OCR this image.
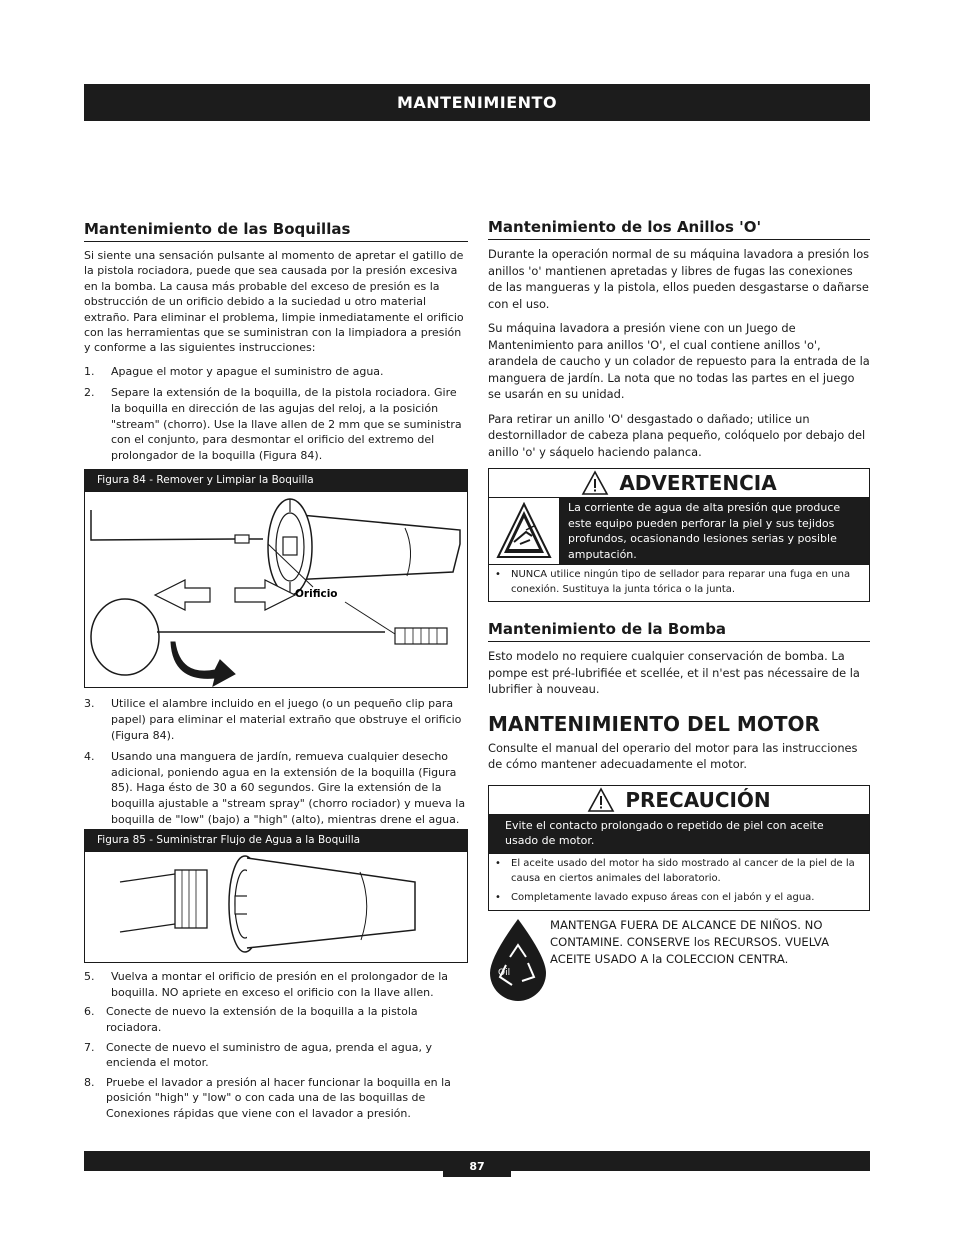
MANTENIMIENTO
Mantenimiento de las Boquillas

Si siente una sensación pulsante al momento de apretar el gatillo de la pistola rociadora, puede que sea causada por la presión excesiva en la bomba. La causa más probable del exceso de presión es la obstrucción de un orificio debido a la suciedad u otro material extraño. Para eliminar el problema, limpie inmediatamente el orificio con las herramientas que se suministran con la limpiadora a presión y conforme a las siguientes instrucciones:

1.	Apague el motor y apague el suministro de agua.
2.	Separe la extensión de la boquilla, de la pistola rociadora. Gire la boquilla en dirección de las agujas del reloj, a la posición "stream" (chorro). Use la llave allen de 2 mm que se suministra con el conjunto, para desmontar el orificio del extremo del prolongador de la boquilla (Figura 84).
Figura 84 - Remover y Limpiar la Boquilla
Orificio
3.	Utilice el alambre incluido en el juego (o un pequeño clip para papel) para eliminar el material extraño que obstruye el orificio (Figura 84).
4.	Usando una manguera de jardín, remueva cualquier desecho adicional, poniendo agua en la extensión de la boquilla (Figura 85). Haga ésto de 30 a 60 segundos. Gire la extensión de la boquilla ajustable a "stream spray" (chorro rociador) y mueva la boquilla de "low" (bajo) a "high" (alto), mientras drene el agua.
Figura 85 - Suministrar Flujo de Agua a la Boquilla
5.	Vuelva a montar el orificio de presión en el prolongador de la boquilla. NO apriete en exceso el orificio con la llave allen.
6.	Conecte de nuevo la extensión de la boquilla a la pistola rociadora.
7.	Conecte de nuevo el suministro de agua, prenda el agua, y encienda el motor.
8.	Pruebe el lavador a presión al hacer funcionar la boquilla en la posición "high" y "low" o con cada una de las boquillas de Conexiones rápidas que viene con el lavador a presión.
Mantenimiento de los Anillos 'O'

Durante la operación normal de su máquina lavadora a presión los anillos 'o' mantienen apretadas y libres de fugas las conexiones de las mangueras y la pistola, ellos pueden desgastarse o dañarse con el uso.

Su máquina lavadora a presión viene con un Juego de Mantenimiento para anillos 'O', el cual contiene anillos 'o', arandela de caucho y un colador de repuesto para la entrada de la manguera de jardín. La nota que no todas las partes en el juego se usarán en su unidad.

Para retirar un anillo 'O' desgastado o dañado; utilice un destornillador de cabeza plana pequeño, colóquelo por debajo del anillo 'o' y sáquelo haciendo palanca.

ADVERTENCIA
La corriente de agua de alta presión que produce este equipo pueden perforar la piel y sus tejidos profundos, ocasionando lesiones serias y posible amputación.
•	NUNCA utilice ningún tipo de sellador para reparar una fuga en una conexión. Sustituya la junta tórica o la junta.
Mantenimiento de la Bomba

Esto modelo no requiere cualquier conservación de bomba. La pompe est pré-lubrifiée et scellée, et il n'est pas nécessaire de la lubrifier à nouveau.

MANTENIMIENTO DEL MOTOR

Consulte el manual del operario del motor para las instrucciones de cómo mantener adecuadamente el motor.

PRECAUCIÓN
Evite el contacto prolongado o repetido de piel con aceite usado de motor.
•	El aceite usado del motor ha sido mostrado al cancer de la piel de la causa en ciertos animales del laboratorio.
•	Completamente lavado expuso áreas con el jabón y el agua.
Oil

MANTENGA FUERA DE ALCANCE DE NIÑOS. NO CONTAMINE. CONSERVE los RECURSOS. VUELVA ACEITE USADO A la COLECCION CENTRA.

87
